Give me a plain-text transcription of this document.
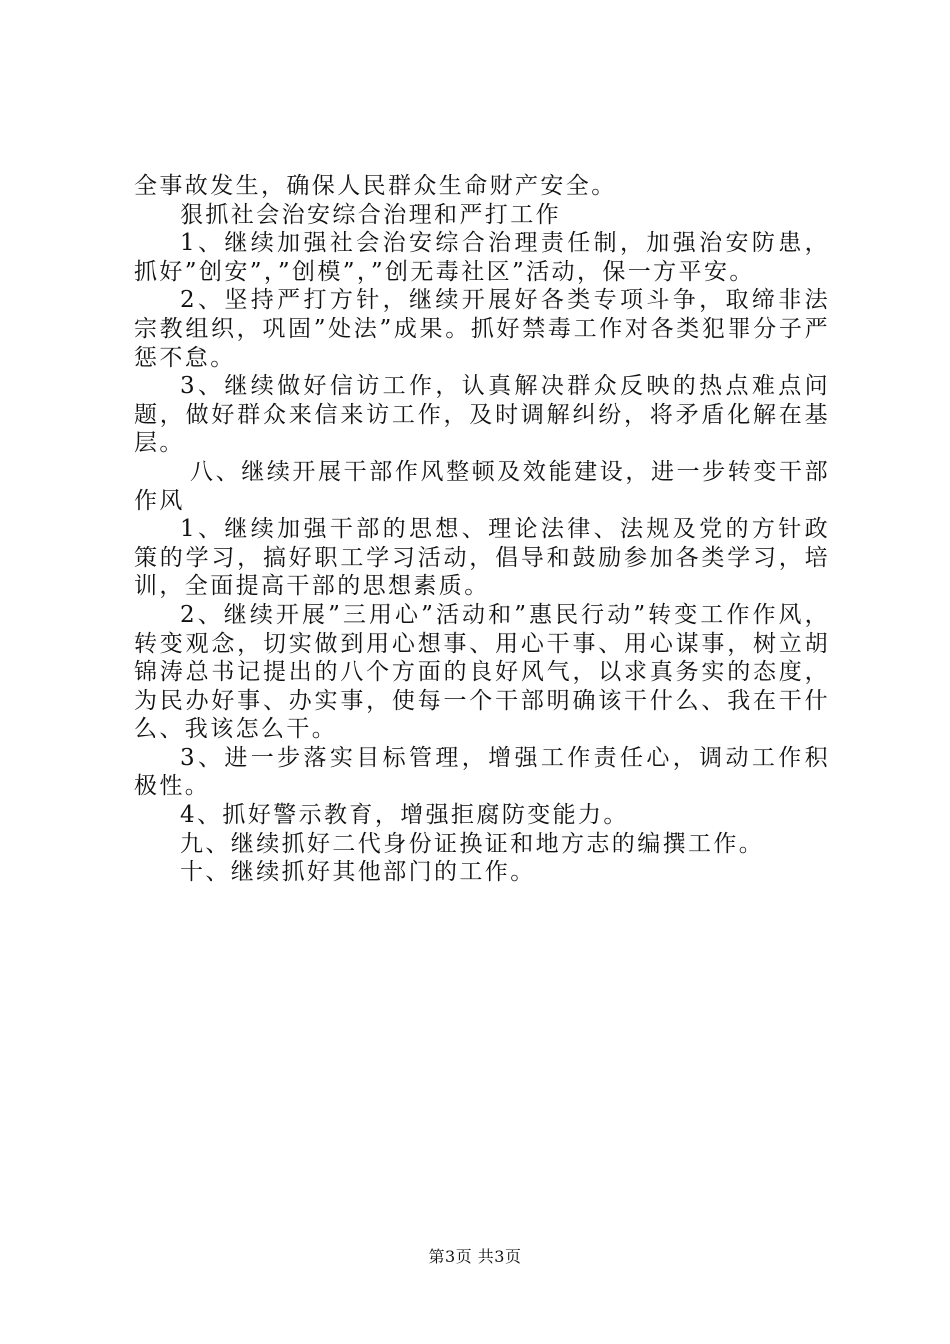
全事故发生，确保人民群众生命财产安全。

狠抓社会治安综合治理和严打工作

1、继续加强社会治安综合治理责任制，加强治安防患，抓好”创安”，”创模”，”创无毒社区”活动，保一方平安。

2、坚持严打方针，继续开展好各类专项斗争，取缔非法宗教组织，巩固”处法”成果。抓好禁毒工作对各类犯罪分子严惩不怠。

3、继续做好信访工作，认真解决群众反映的热点难点问题，做好群众来信来访工作，及时调解纠纷，将矛盾化解在基层。

八、继续开展干部作风整顿及效能建设，进一步转变干部作风

1、继续加强干部的思想、理论法律、法规及党的方针政策的学习，搞好职工学习活动，倡导和鼓励参加各类学习，培训，全面提高干部的思想素质。

2、继续开展”三用心”活动和”惠民行动”转变工作作风，转变观念，切实做到用心想事、用心干事、用心谋事，树立胡锦涛总书记提出的八个方面的良好风气，以求真务实的态度，为民办好事、办实事，使每一个干部明确该干什么、我在干什么、我该怎么干。

3、进一步落实目标管理，增强工作责任心，调动工作积极性。

4、抓好警示教育，增强拒腐防变能力。

九、继续抓好二代身份证换证和地方志的编撰工作。

十、继续抓好其他部门的工作。

第3页 共3页
